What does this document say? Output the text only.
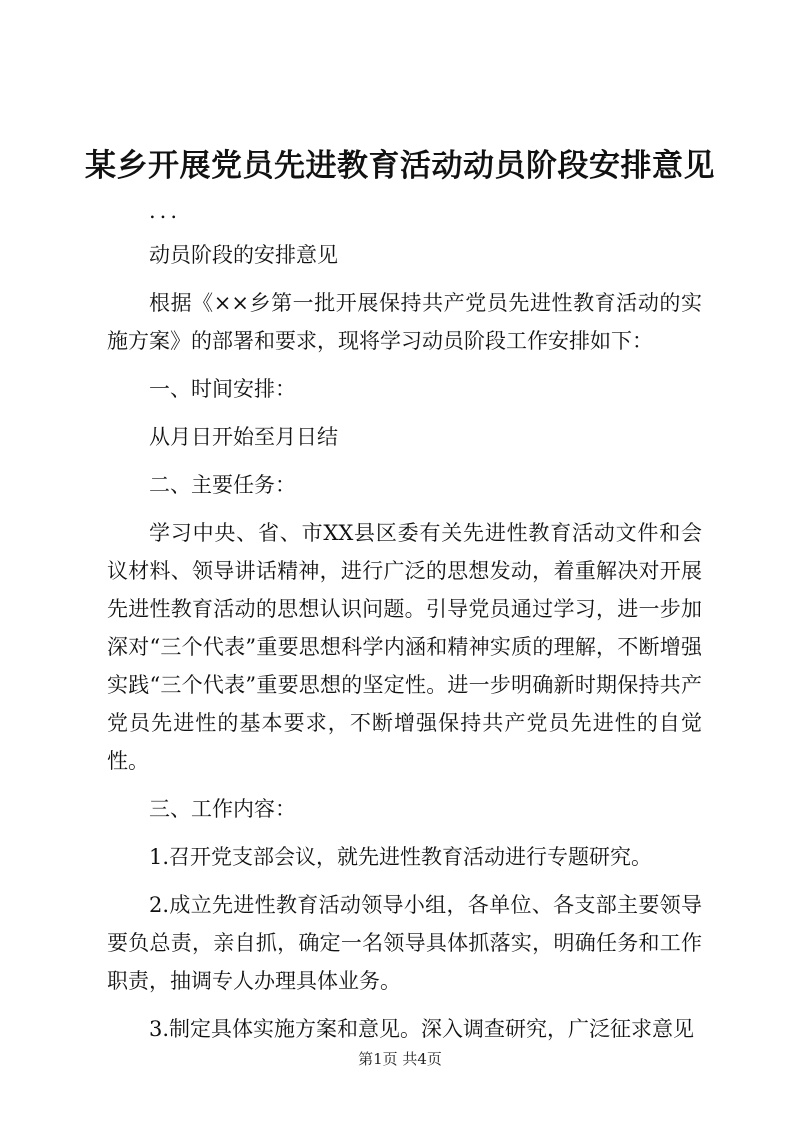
某乡开展党员先进教育活动动员阶段安排意见

...

动员阶段的安排意见

根据《××乡第一批开展保持共产党员先进性教育活动的实施方案》的部署和要求，现将学习动员阶段工作安排如下：

一、时间安排：

从月日开始至月日结

二、主要任务：

学习中央、省、市XX县区委有关先进性教育活动文件和会议材料、领导讲话精神，进行广泛的思想发动，着重解决对开展先进性教育活动的思想认识问题。引导党员通过学习，进一步加深对“三个代表”重要思想科学内涵和精神实质的理解，不断增强实践“三个代表”重要思想的坚定性。进一步明确新时期保持共产党员先进性的基本要求，不断增强保持共产党员先进性的自觉性。

三、工作内容：

1.召开党支部会议，就先进性教育活动进行专题研究。

2.成立先进性教育活动领导小组，各单位、各支部主要领导要负总责，亲自抓，确定一名领导具体抓落实，明确任务和工作职责，抽调专人办理具体业务。

3.制定具体实施方案和意见。深入调查研究，广泛征求意见

第1页 共4页
